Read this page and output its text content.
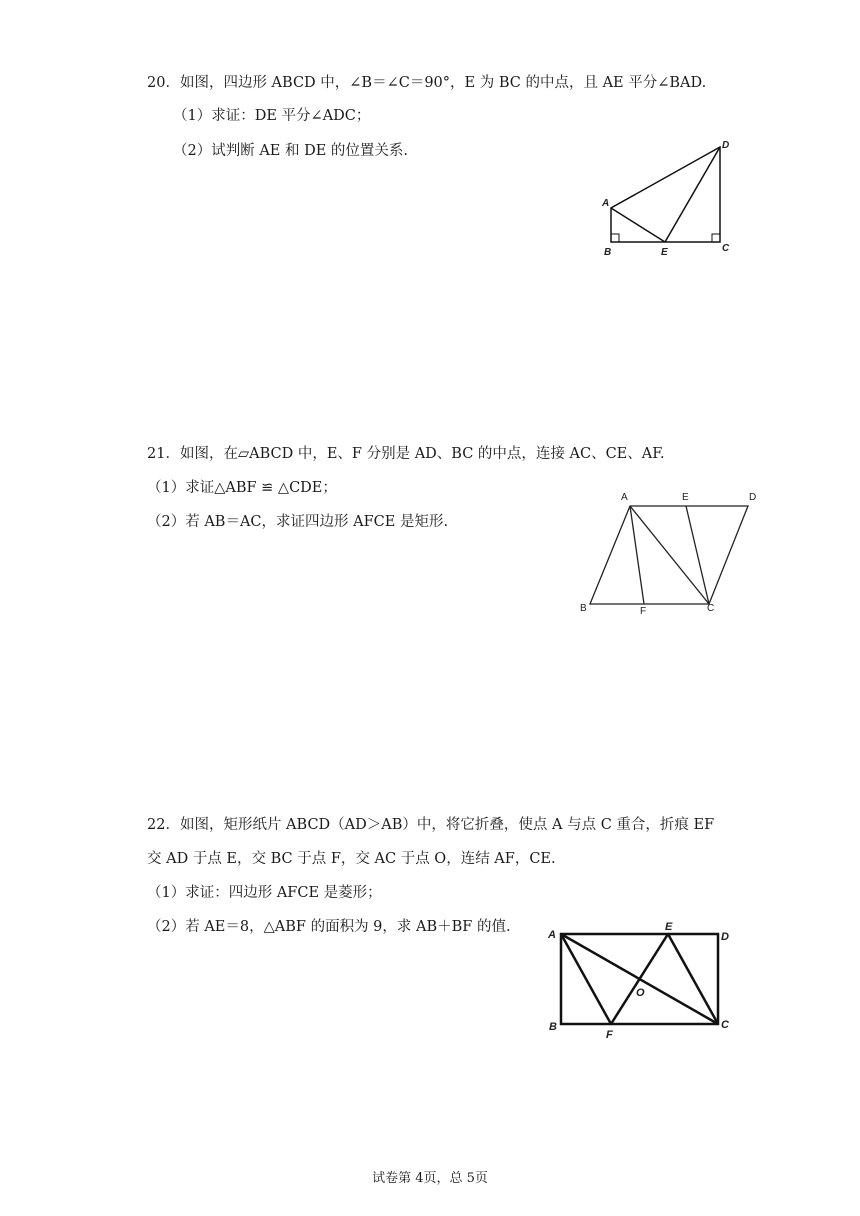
20．如图，四边形 ABCD 中，∠B＝∠C＝90°，E 为 BC 的中点，且 AE 平分∠BAD.
（1）求证：DE 平分∠ADC；
（2）试判断 AE 和 DE 的位置关系.
A
B	E	C
D
21．如图，在▱ABCD 中，E、F 分别是 AD、BC 的中点，连接 AC、CE、AF.
（1）求证△ABF ≌ △CDE；
（2）若 AB＝AC，求证四边形 AFCE 是矩形.
A	E	D
B	F	C
22．如图，矩形纸片 ABCD（AD＞AB）中，将它折叠，使点 A 与点 C 重合，折痕 EF
交 AD 于点 E，交 BC 于点 F，交 AC 于点 O，连结 AF，CE.
（1）求证：四边形 AFCE 是菱形；
（2）若 AE＝8，△ABF 的面积为 9，求 AB＋BF 的值.	A
E
D
B
F
C
O
试卷第 4页，总 5页
